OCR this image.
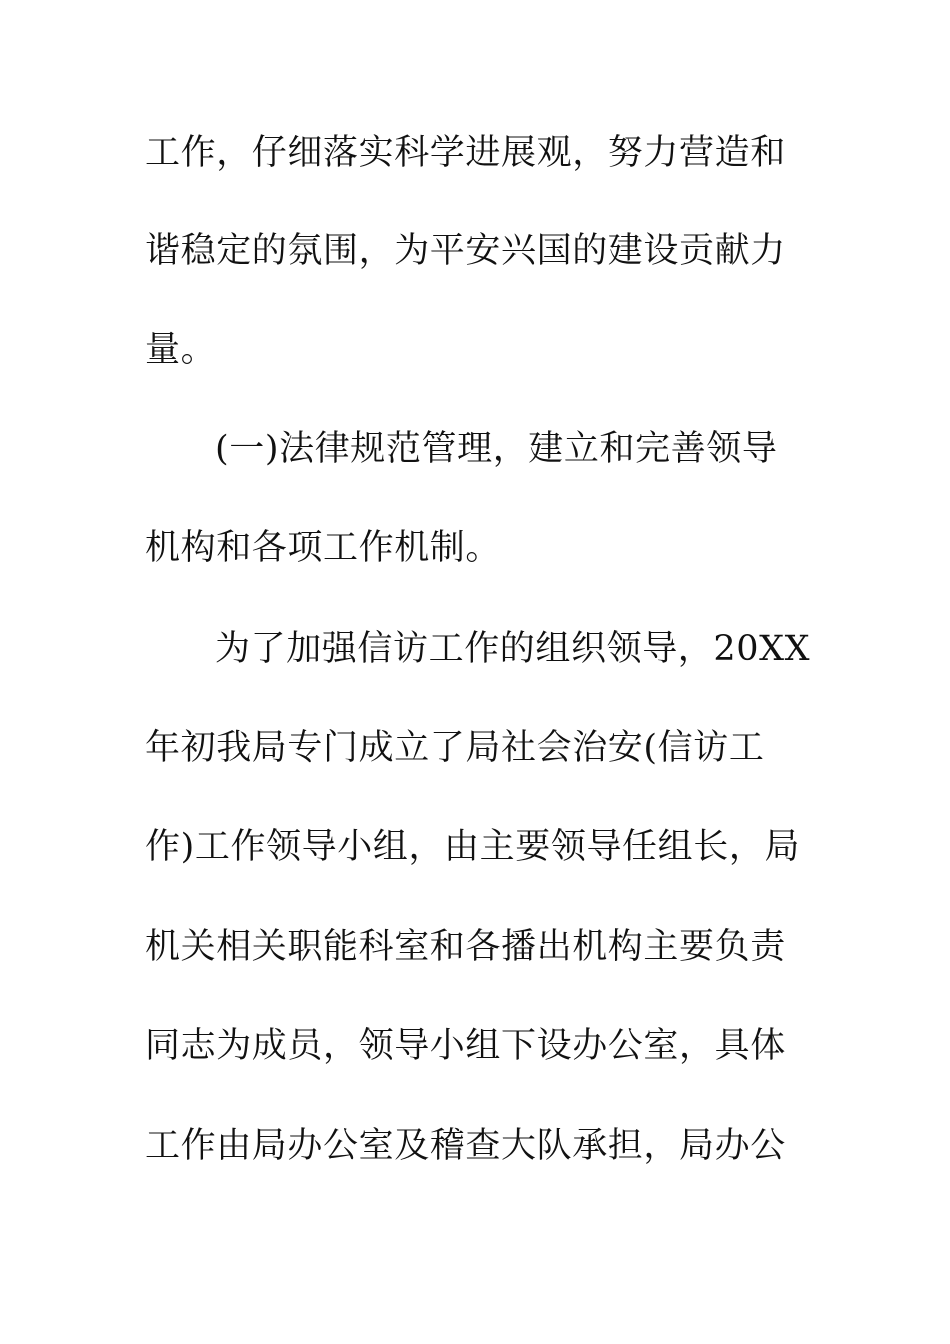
工作，仔细落实科学进展观，努力营造和
谐稳定的氛围，为平安兴国的建设贡献力
量。
(一)法律规范管理，建立和完善领导
机构和各项工作机制。
为了加强信访工作的组织领导，20XX
年初我局专门成立了局社会治安(信访工
作)工作领导小组，由主要领导任组长，局
机关相关职能科室和各播出机构主要负责
同志为成员，领导小组下设办公室，具体
工作由局办公室及稽查大队承担，局办公
